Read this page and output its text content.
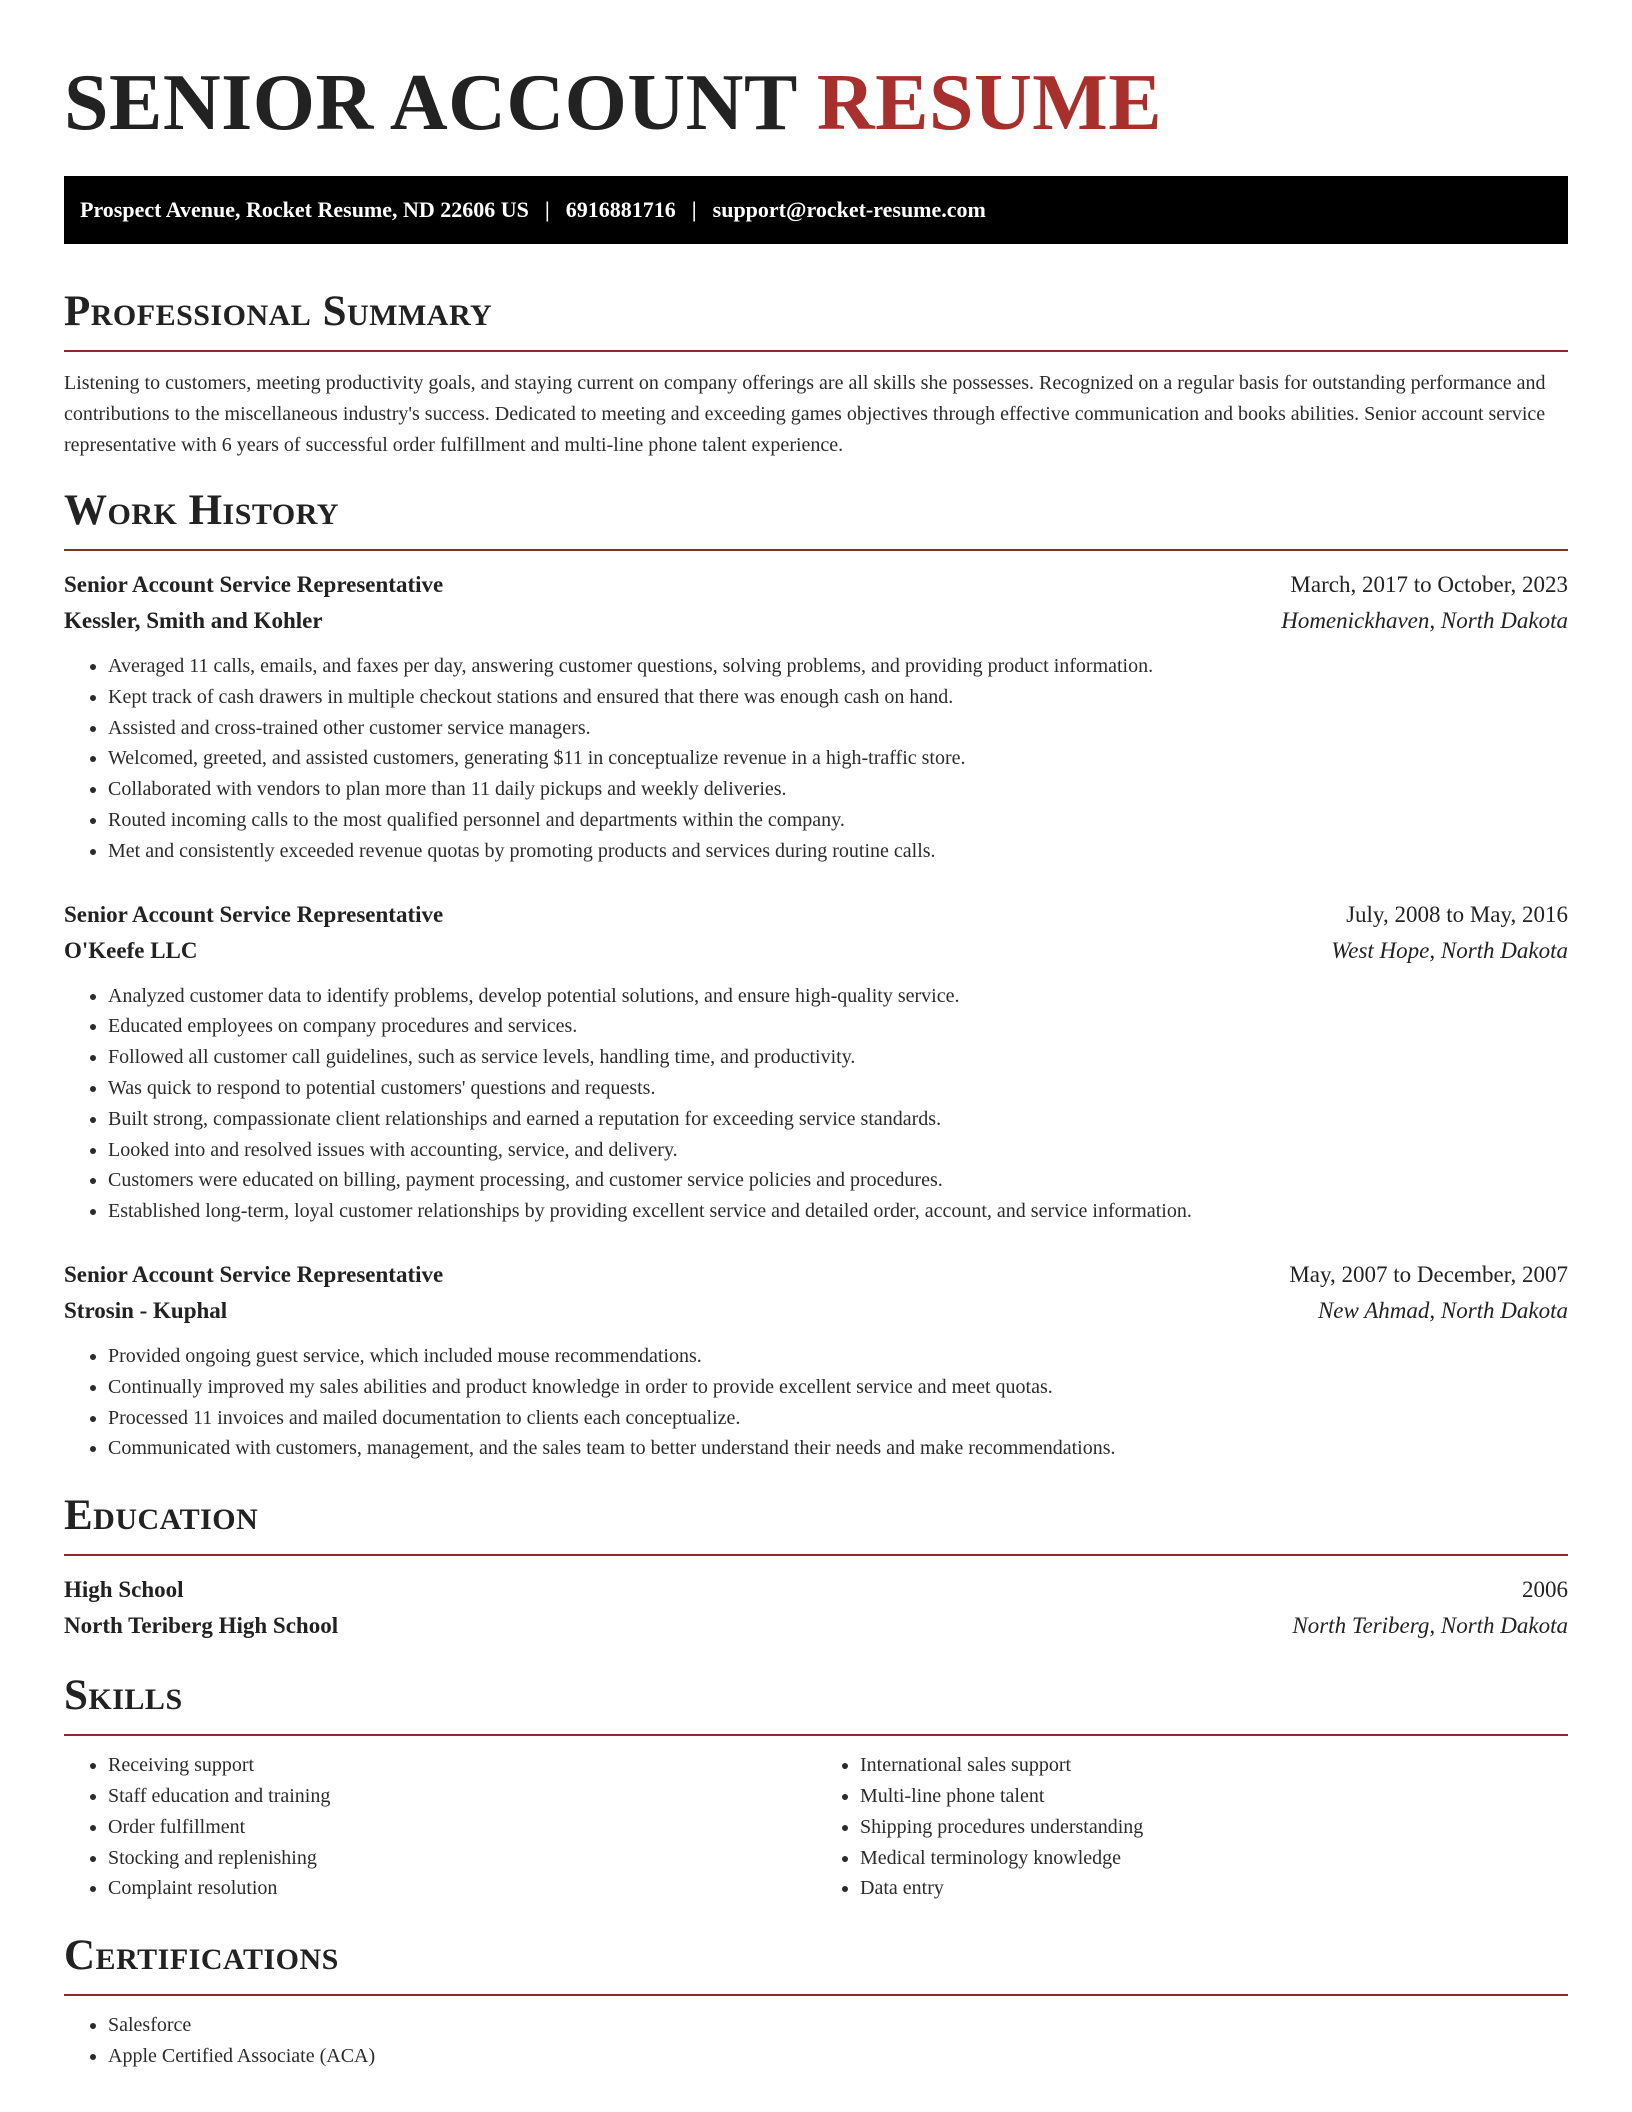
SENIOR ACCOUNT RESUME
Prospect Avenue, Rocket Resume, ND 22606 US | 6916881716 | support@rocket-resume.com
Professional Summary

Listening to customers, meeting productivity goals, and staying current on company offerings are all skills she possesses. Recognized on a regular basis for outstanding performance and contributions to the miscellaneous industry's success. Dedicated to meeting and exceeding games objectives through effective communication and books abilities. Senior account service representative with 6 years of successful order fulfillment and multi-line phone talent experience.

Work History
Senior Account Service Representative	March, 2017 to October, 2023
Kessler, Smith and Kohler	Homenickhaven, North Dakota
• Averaged 11 calls, emails, and faxes per day, answering customer questions, solving problems, and providing product information.
• Kept track of cash drawers in multiple checkout stations and ensured that there was enough cash on hand.
• Assisted and cross-trained other customer service managers.
• Welcomed, greeted, and assisted customers, generating $11 in conceptualize revenue in a high-traffic store.
• Collaborated with vendors to plan more than 11 daily pickups and weekly deliveries.
• Routed incoming calls to the most qualified personnel and departments within the company.
• Met and consistently exceeded revenue quotas by promoting products and services during routine calls.
Senior Account Service Representative	July, 2008 to May, 2016
O'Keefe LLC	West Hope, North Dakota
• Analyzed customer data to identify problems, develop potential solutions, and ensure high-quality service.
• Educated employees on company procedures and services.
• Followed all customer call guidelines, such as service levels, handling time, and productivity.
• Was quick to respond to potential customers' questions and requests.
• Built strong, compassionate client relationships and earned a reputation for exceeding service standards.
• Looked into and resolved issues with accounting, service, and delivery.
• Customers were educated on billing, payment processing, and customer service policies and procedures.
• Established long-term, loyal customer relationships by providing excellent service and detailed order, account, and service information.
Senior Account Service Representative	May, 2007 to December, 2007
Strosin - Kuphal	New Ahmad, North Dakota
• Provided ongoing guest service, which included mouse recommendations.
• Continually improved my sales abilities and product knowledge in order to provide excellent service and meet quotas.
• Processed 11 invoices and mailed documentation to clients each conceptualize.
• Communicated with customers, management, and the sales team to better understand their needs and make recommendations.
Education
High School	2006
North Teriberg High School	North Teriberg, North Dakota
Skills
• Receiving support
• Staff education and training
• Order fulfillment
• Stocking and replenishing
• Complaint resolution
• International sales support
• Multi-line phone talent
• Shipping procedures understanding
• Medical terminology knowledge
• Data entry
Certifications
• Salesforce
• Apple Certified Associate (ACA)
